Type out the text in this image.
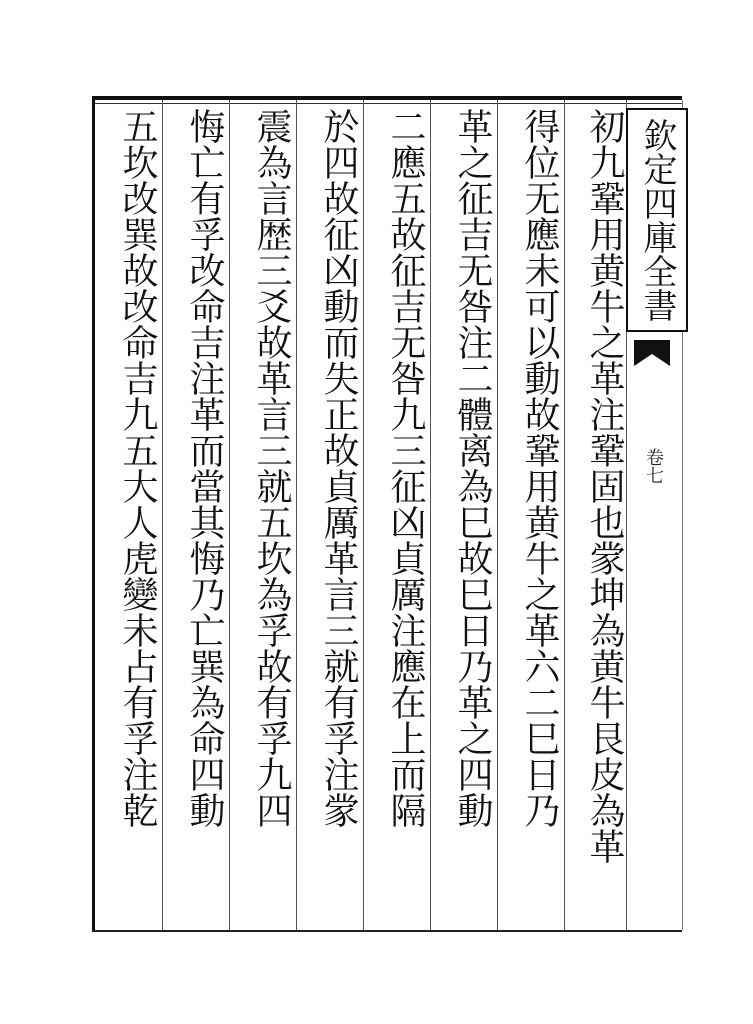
欽定四庫全書
卷七
初九鞏用黄牛之革注鞏固也䝉坤為黄牛艮皮為革
得位无應未可以動故鞏用黄牛之革六二巳日乃
革之征吉无咎注二體离為巳故巳日乃革之四動
二應五故征吉无咎九三征凶貞厲注應在上而隔
於四故征凶動而失正故貞厲革言三就有孚注䝉
震為言歴三爻故革言三就五坎為孚故有孚九四
悔亡有孚改命吉注革而當其悔乃亡巽為命四動
五坎改巽故改命吉九五大人虎變未占有孚注乾
